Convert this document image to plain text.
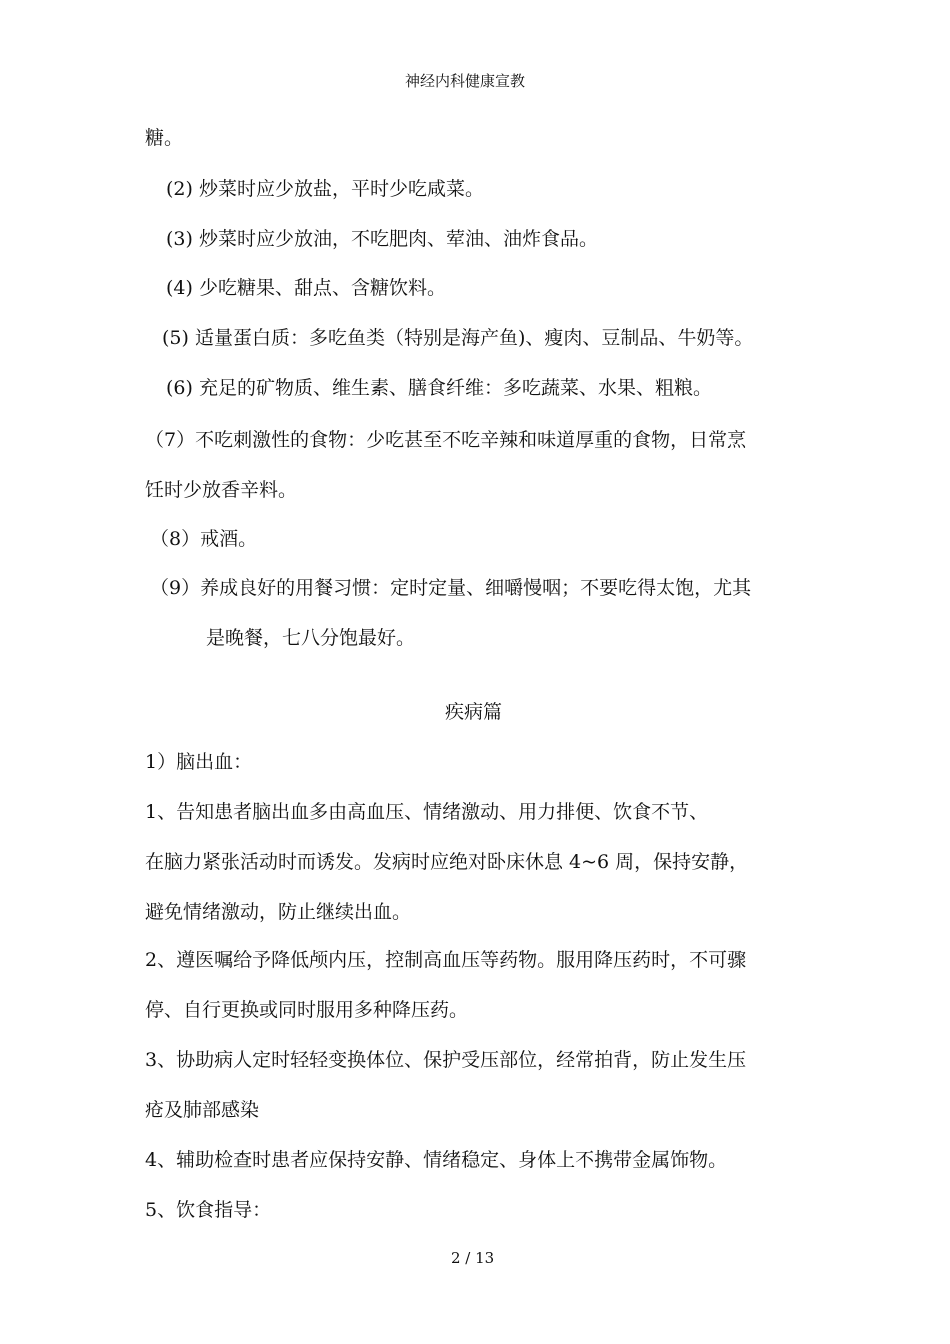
神经内科健康宣教
糖。
(2) 炒菜时应少放盐，平时少吃咸菜。
(3) 炒菜时应少放油，不吃肥肉、荤油、油炸食品。
(4) 少吃糖果、甜点、含糖饮料。
(5) 适量蛋白质：多吃鱼类（特别是海产鱼)、瘦肉、豆制品、牛奶等。
(6) 充足的矿物质、维生素、膳食纤维：多吃蔬菜、水果、粗粮。
（7）不吃刺激性的食物：少吃甚至不吃辛辣和味道厚重的食物，日常烹
饪时少放香辛料。
（8）戒酒。
（9）养成良好的用餐习惯：定时定量、细嚼慢咽；不要吃得太饱，尤其
是晚餐，七八分饱最好。
疾病篇
1）脑出血：
1、告知患者脑出血多由高血压、情绪激动、用力排便、饮食不节、
在脑力紧张活动时而诱发。发病时应绝对卧床休息 4~6 周，保持安静，
避免情绪激动，防止继续出血。
2、遵医嘱给予降低颅内压，控制高血压等药物。服用降压药时，不可骤
停、自行更换或同时服用多种降压药。
3、协助病人定时轻轻变换体位、保护受压部位，经常拍背，防止发生压
疮及肺部感染
4、辅助检查时患者应保持安静、情绪稳定、身体上不携带金属饰物。
5、饮食指导：
2 / 13
